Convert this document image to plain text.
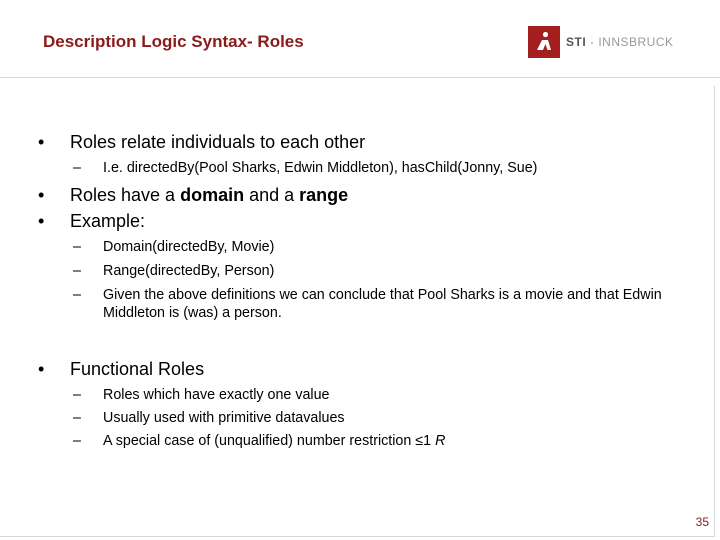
Description Logic Syntax- Roles	STI · INNSBRUCK
• Roles relate individuals to each other
– I.e. directedBy(Pool Sharks, Edwin Middleton), hasChild(Jonny, Sue)
• Roles have a domain and a range
• Example:
– Domain(directedBy, Movie)
– Range(directedBy, Person)
– Given the above definitions we can conclude that Pool Sharks is a movie and that Edwin Middleton is (was) a person.
• Functional Roles
– Roles which have exactly one value
– Usually used with primitive datavalues
– A special case of (unqualified) number restriction ≤1 R
35
